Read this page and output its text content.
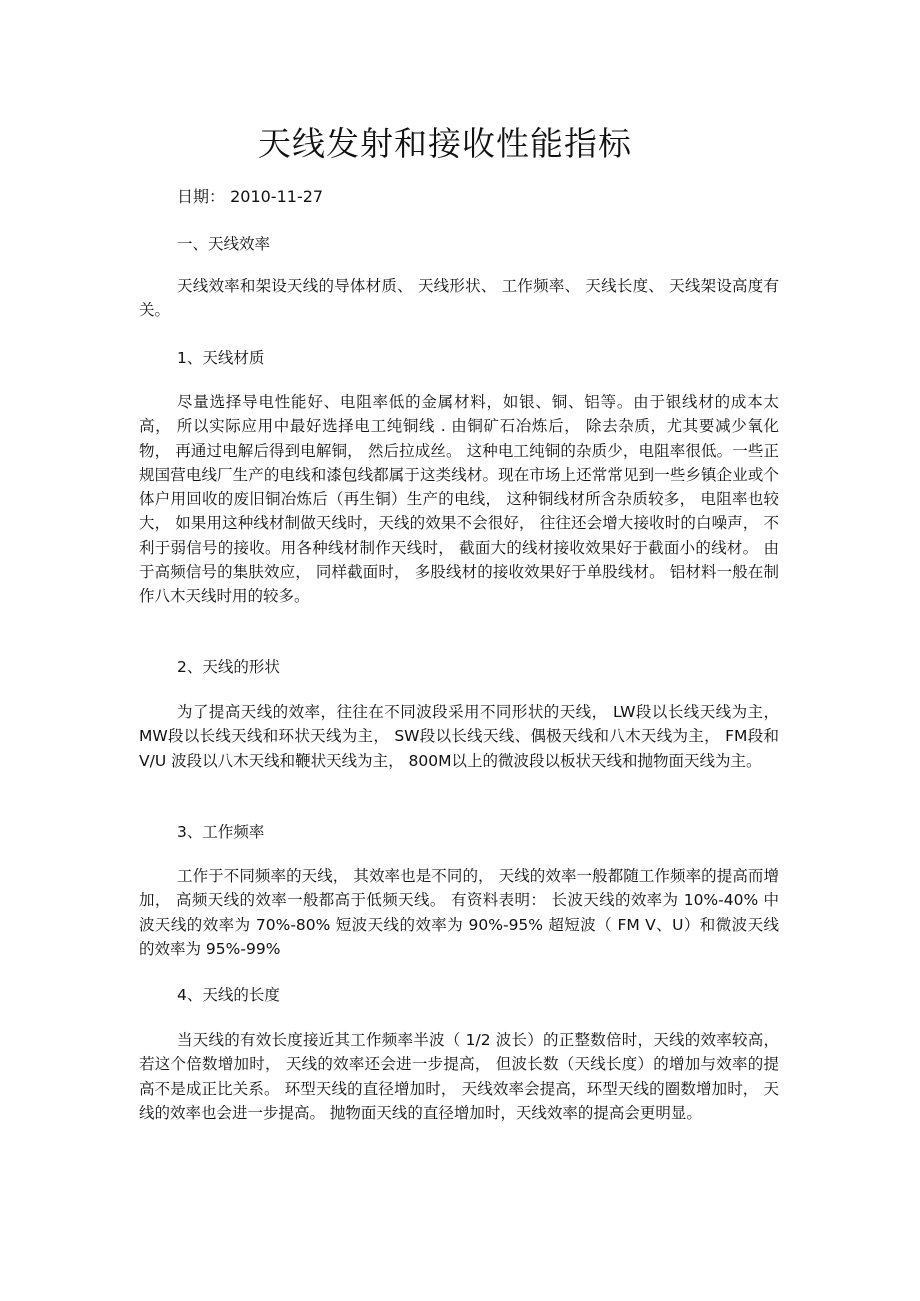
天线发射和接收性能指标
日期： 2010-11-27
一、天线效率

天线效率和架设天线的导体材质、 天线形状、 工作频率、 天线长度、 天线架设高度有关。

1、天线材质

尽量选择导电性能好、电阻率低的金属材料，如银、铜、铝等。由于银线材的成本太高， 所以实际应用中最好选择电工纯铜线 . 由铜矿石冶炼后， 除去杂质，尤其要减少氧化物， 再通过电解后得到电解铜， 然后拉成丝。 这种电工纯铜的杂质少，电阻率很低。一些正规国营电线厂生产的电线和漆包线都属于这类线材。现在市场上还常常见到一些乡镇企业或个体户用回收的废旧铜冶炼后（再生铜）生产的电线， 这种铜线材所含杂质较多， 电阻率也较大， 如果用这种线材制做天线时，天线的效果不会很好， 往往还会增大接收时的白噪声， 不利于弱信号的接收。用各种线材制作天线时， 截面大的线材接收效果好于截面小的线材。 由于高频信号的集肤效应， 同样截面时， 多股线材的接收效果好于单股线材。 铝材料一般在制作八木天线时用的较多。

2、天线的形状

为了提高天线的效率，往往在不同波段采用不同形状的天线， LW段以长线天线为主， MW段以长线天线和环状天线为主， SW段以长线天线、偶极天线和八木天线为主， FM段和 V/U 波段以八木天线和鞭状天线为主， 800M以上的微波段以板状天线和抛物面天线为主。

3、工作频率

工作于不同频率的天线， 其效率也是不同的， 天线的效率一般都随工作频率的提高而增加， 高频天线的效率一般都高于低频天线。 有资料表明： 长波天线的效率为 10%-40% 中波天线的效率为 70%-80% 短波天线的效率为 90%-95% 超短波（ FM V、U）和微波天线的效率为 95%-99%

4、天线的长度

当天线的有效长度接近其工作频率半波（ 1/2 波长）的正整数倍时，天线的效率较高， 若这个倍数增加时， 天线的效率还会进一步提高， 但波长数（天线长度）的增加与效率的提高不是成正比关系。 环型天线的直径增加时， 天线效率会提高，环型天线的圈数增加时， 天线的效率也会进一步提高。 抛物面天线的直径增加时，天线效率的提高会更明显。
